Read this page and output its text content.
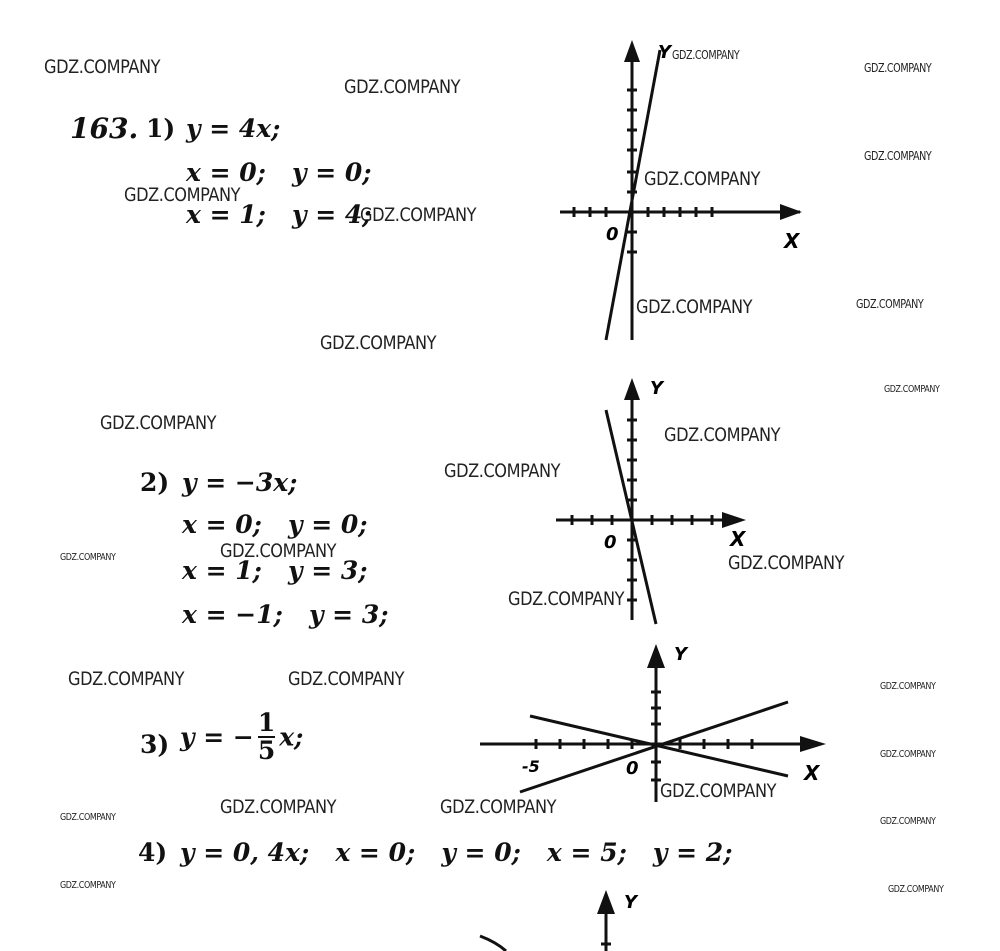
GDZ.COMPANY
GDZ.COMPANY
GDZ.COMPANY
GDZ.COMPANY
GDZ.COMPANY
GDZ.COMPANY
GDZ.COMPANY
GDZ.COMPANY
GDZ.COMPANY	GDZ.COMPANY
GDZ.COMPANY
GDZ.COMPANY
GDZ.COMPANY
GDZ.COMPANY
GDZ.COMPANY
GDZ.COMPANY
GDZ.COMPANY	GDZ.COMPANY
GDZ.COMPANY
GDZ.COMPANY	GDZ.COMPANY	GDZ.COMPANY
GDZ.COMPANY
GDZ.COMPANY
GDZ.COMPANY	GDZ.COMPANY
GDZ.COMPANY	GDZ.COMPANY
GDZ.COMPANY	GDZ.COMPANY
163. 1) y = 4x;
x = 0;   y = 0;
x = 1;   y = 4;
2) y = −3x;
x = 0;   y = 0;
x = 1;   y = 3;
x = −1;   y = 3;
3) y = − $\frac{1}{5} x$;
4) y = 0, 4x;   x = 0;   y = 0;   x = 5;   y = 2;
Y
X
0
Y
X
0
Y
X
0
-5
Y
